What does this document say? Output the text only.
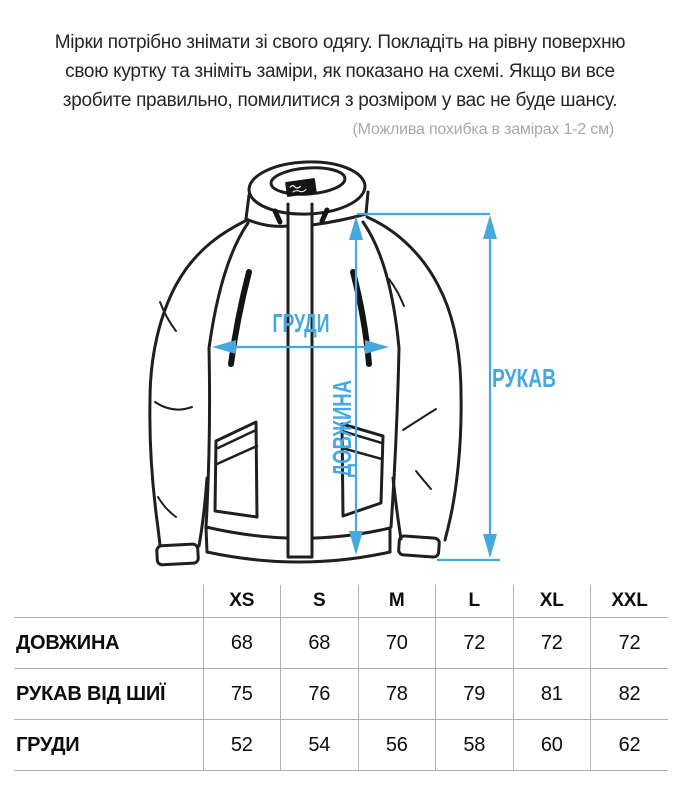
Мірки потрібно знімати зі свого одягу. Покладіть на рівну поверхню
свою куртку та зніміть заміри, як показано на схемі. Якщо ви все
зробите правильно, помилитися з розміром у вас не буде шансу.
(Можлива похибка в замірах 1-2 см)
ГРУДИ
РУКАВ
ДОВЖИНА
	XS	S	M	L	XL	XXL
ДОВЖИНА	68	68	70	72	72	72
РУКАВ ВІД ШИЇ	75	76	78	79	81	82
ГРУДИ	52	54	56	58	60	62
